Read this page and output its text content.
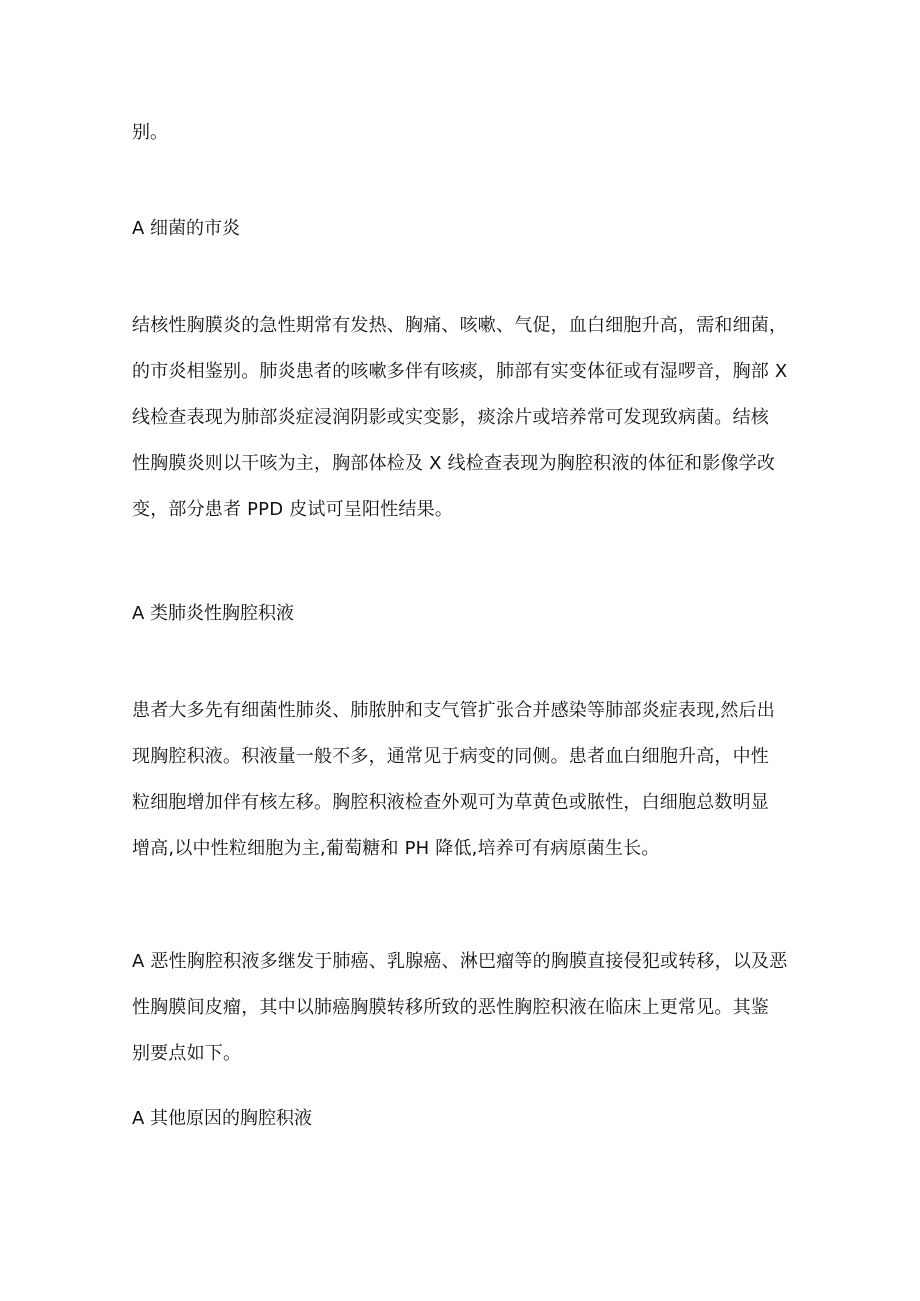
别。

A 细菌的市炎

结核性胸膜炎的急性期常有发热、胸痛、咳嗽、气促，血白细胞升高，需和细菌，
的市炎相鉴别。肺炎患者的咳嗽多伴有咳痰，肺部有实变体征或有湿啰音，胸部 X
线检查表现为肺部炎症浸润阴影或实变影，痰涂片或培养常可发现致病菌。结核
性胸膜炎则以干咳为主，胸部体检及 X 线检查表现为胸腔积液的体征和影像学改
变，部分患者 PPD 皮试可呈阳性结果。

A 类肺炎性胸腔积液

患者大多先有细菌性肺炎、肺脓肿和支气管扩张合并感染等肺部炎症表现,然后出
现胸腔积液。积液量一般不多，通常见于病变的同侧。患者血白细胞升高，中性
粒细胞增加伴有核左移。胸腔积液检查外观可为草黄色或脓性，白细胞总数明显
增高,以中性粒细胞为主,葡萄糖和 PH 降低,培养可有病原菌生长。
A 恶性胸腔积液多继发于肺癌、乳腺癌、淋巴瘤等的胸膜直接侵犯或转移，以及恶
性胸膜间皮瘤，其中以肺癌胸膜转移所致的恶性胸腔积液在临床上更常见。其鉴
别要点如下。

A 其他原因的胸腔积液
